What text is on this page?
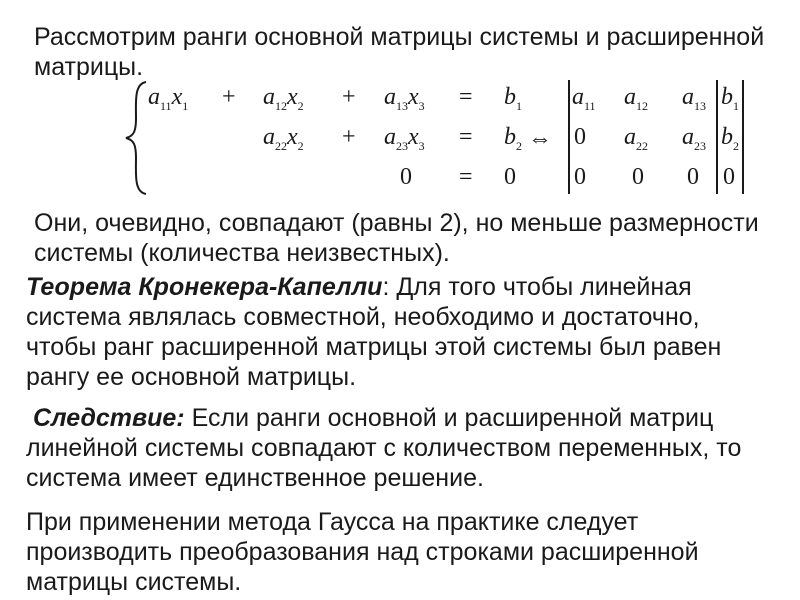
Рассмотрим ранги основной матрицы системы и расширенной
матрицы.

$a_{11}x_1 + a_{12}x_2 + a_{13}x_3 = b_1$
$a_{22}x_2 + a_{23}x_3 = b_2$
0 = 0
⇔
$a_{11}$ $a_{12}$ $a_{13}$ $b_1$
0 $a_{22}$ $a_{23}$ $b_2$
0 0 0 0

Они, очевидно, совпадают (равны 2), но меньше размерности
системы (количества неизвестных).

Теорема Кронекера-Капелли: Для того чтобы линейная
система являлась совместной, необходимо и достаточно,
чтобы ранг расширенной матрицы этой системы был равен
рангу ее основной матрицы.

Следствие: Если ранги основной и расширенной матриц
линейной системы совпадают с количеством переменных, то
система имеет единственное решение.

При применении метода Гаусса на практике следует
производить преобразования над строками расширенной
матрицы системы.
